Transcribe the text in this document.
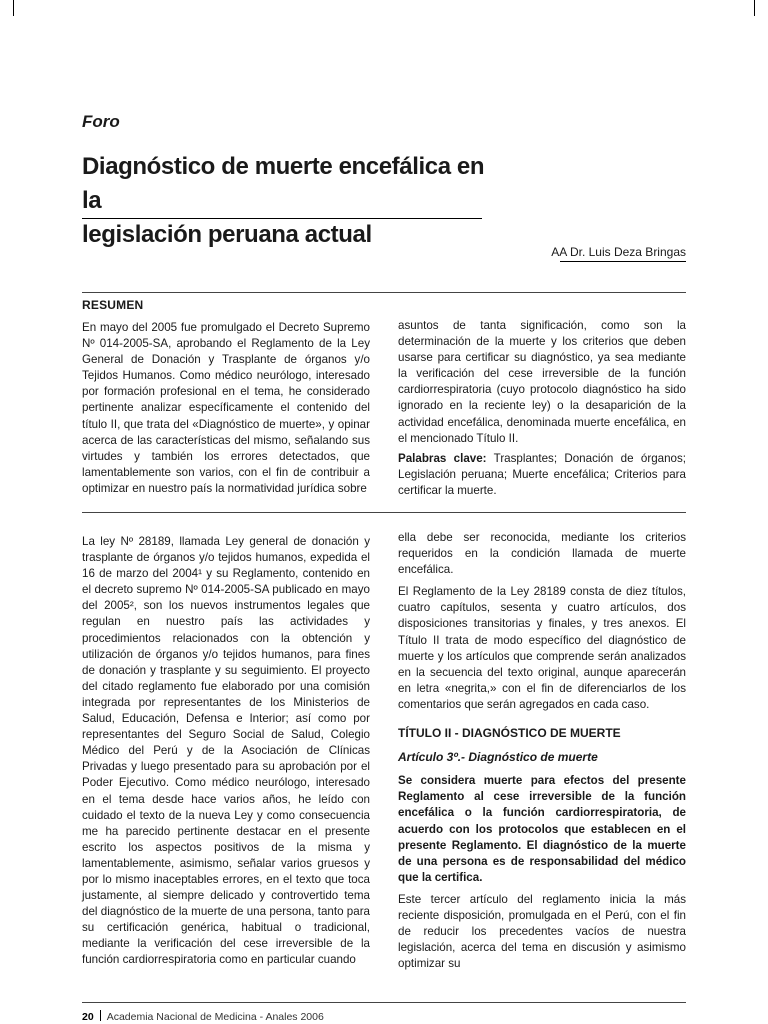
Foro
Diagnóstico de muerte encefálica en la
legislación peruana actual
AA Dr. Luis Deza Bringas
RESUMEN

En mayo del 2005 fue promulgado el Decreto Supremo Nº 014-2005-SA, aprobando el Reglamento de la Ley General de Donación y Trasplante de órganos y/o Tejidos Humanos. Como médico neurólogo, interesado por formación profesional en el tema, he considerado pertinente analizar específicamente el contenido del título II, que trata del «Diagnóstico de muerte», y opinar acerca de las características del mismo, señalando sus virtudes y también los errores detectados, que lamentablemente son varios, con el fin de contribuir a optimizar en nuestro país la normatividad jurídica sobre

asuntos de tanta significación, como son la determinación de la muerte y los criterios que deben usarse para certificar su diagnóstico, ya sea mediante la verificación del cese irreversible de la función cardiorrespiratoria (cuyo protocolo diagnóstico ha sido ignorado en la reciente ley) o la desaparición de la actividad encefálica, denominada muerte encefálica, en el mencionado Título II.

Palabras clave: Trasplantes; Donación de órganos; Legislación peruana; Muerte encefálica; Criterios para certificar la muerte.

La ley Nº 28189, llamada Ley general de donación y trasplante de órganos y/o tejidos humanos, expedida el 16 de marzo del 2004¹ y su Reglamento, contenido en el decreto supremo Nº 014-2005-SA publicado en mayo del 2005², son los nuevos instrumentos legales que regulan en nuestro país las actividades y procedimientos relacionados con la obtención y utilización de órganos y/o tejidos humanos, para fines de donación y trasplante y su seguimiento. El proyecto del citado reglamento fue elaborado por una comisión integrada por representantes de los Ministerios de Salud, Educación, Defensa e Interior; así como por representantes del Seguro Social de Salud, Colegio Médico del Perú y de la Asociación de Clínicas Privadas y luego presentado para su aprobación por el Poder Ejecutivo. Como médico neurólogo, interesado en el tema desde hace varios años, he leído con cuidado el texto de la nueva Ley y como consecuencia me ha parecido pertinente destacar en el presente escrito los aspectos positivos de la misma y lamentablemente, asimismo, señalar varios gruesos y por lo mismo inaceptables errores, en el texto que toca justamente, al siempre delicado y controvertido tema del diagnóstico de la muerte de una persona, tanto para su certificación genérica, habitual o tradicional, mediante la verificación del cese irreversible de la función cardiorrespiratoria como en particular cuando

ella debe ser reconocida, mediante los criterios requeridos en la condición llamada de muerte encefálica.

El Reglamento de la Ley 28189 consta de diez títulos, cuatro capítulos, sesenta y cuatro artículos, dos disposiciones transitorias y finales, y tres anexos. El Título II trata de modo específico del diagnóstico de muerte y los artículos que comprende serán analizados en la secuencia del texto original, aunque aparecerán en letra «negrita,» con el fin de diferenciarlos de los comentarios que serán agregados en cada caso.

TÍTULO II - DIAGNÓSTICO DE MUERTE
Artículo 3º.- Diagnóstico de muerte

Se considera muerte para efectos del presente Reglamento al cese irreversible de la función encefálica o la función cardiorrespiratoria, de acuerdo con los protocolos que establecen en el presente Reglamento. El diagnóstico de la muerte de una persona es de responsabilidad del médico que la certifica.

Este tercer artículo del reglamento inicia la más reciente disposición, promulgada en el Perú, con el fin de reducir los precedentes vacíos de nuestra legislación, acerca del tema en discusión y asimismo optimizar su

20 Academia Nacional de Medicina - Anales 2006
